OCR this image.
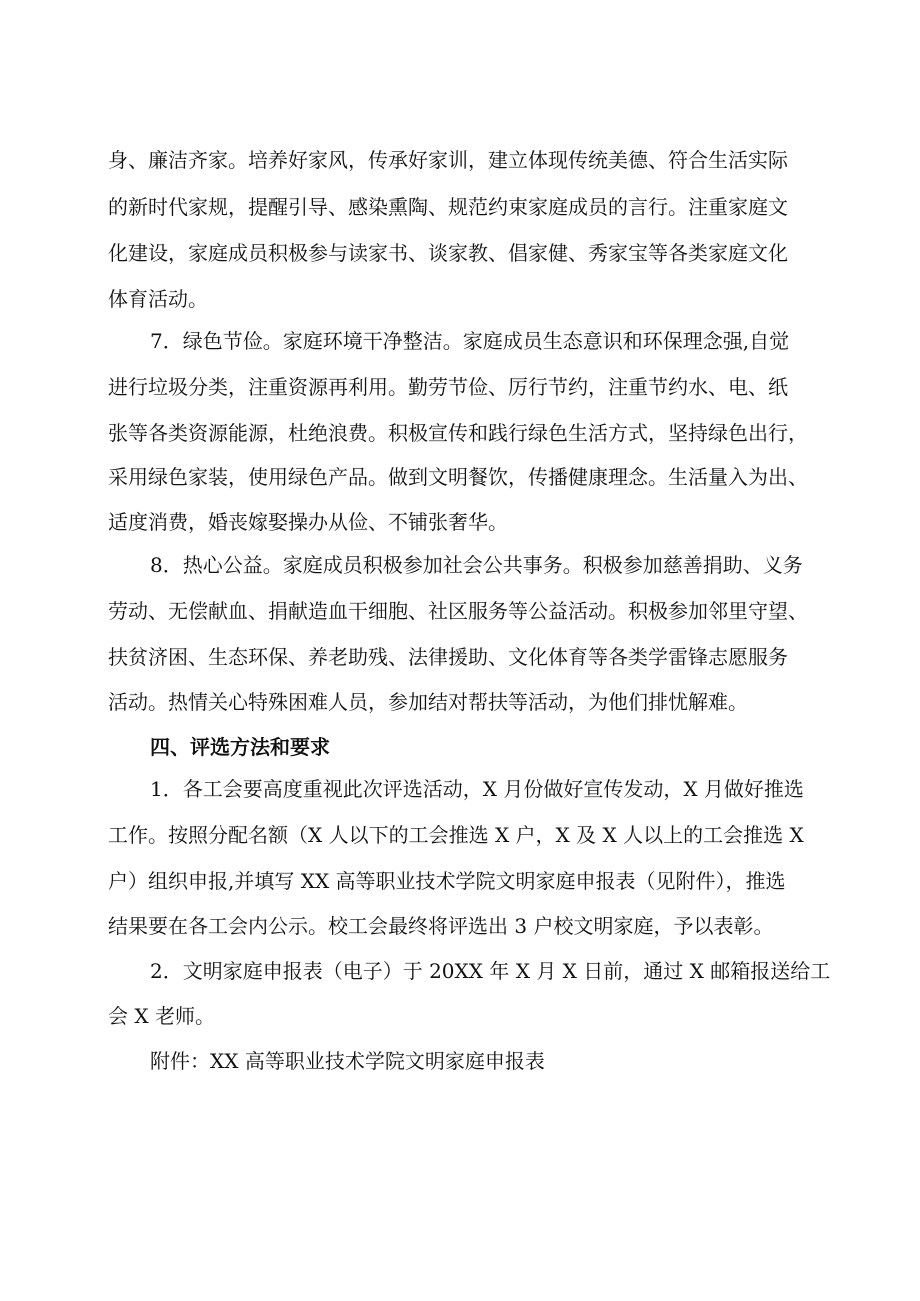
身、廉洁齐家。培养好家风，传承好家训，建立体现传统美德、符合生活实际
的新时代家规，提醒引导、感染熏陶、规范约束家庭成员的言行。注重家庭文
化建设，家庭成员积极参与读家书、谈家教、倡家健、秀家宝等各类家庭文化
体育活动。
7．绿色节俭。家庭环境干净整洁。家庭成员生态意识和环保理念强,自觉
进行垃圾分类，注重资源再利用。勤劳节俭、厉行节约，注重节约水、电、纸
张等各类资源能源，杜绝浪费。积极宣传和践行绿色生活方式，坚持绿色出行，
采用绿色家装，使用绿色产品。做到文明餐饮，传播健康理念。生活量入为出、
适度消费，婚丧嫁娶操办从俭、不铺张奢华。
8．热心公益。家庭成员积极参加社会公共事务。积极参加慈善捐助、义务
劳动、无偿献血、捐献造血干细胞、社区服务等公益活动。积极参加邻里守望、
扶贫济困、生态环保、养老助残、法律援助、文化体育等各类学雷锋志愿服务
活动。热情关心特殊困难人员，参加结对帮扶等活动，为他们排忧解难。
四、评选方法和要求
1．各工会要高度重视此次评选活动，X 月份做好宣传发动，X 月做好推选
工作。按照分配名额（X 人以下的工会推选 X 户，X 及 X 人以上的工会推选 X
户）组织申报,并填写 XX 高等职业技术学院文明家庭申报表（见附件），推选
结果要在各工会内公示。校工会最终将评选出 3 户校文明家庭，予以表彰。
2．文明家庭申报表（电子）于 20XX 年 X 月 X 日前，通过 X 邮箱报送给工
会 X 老师。
附件：XX 高等职业技术学院文明家庭申报表
